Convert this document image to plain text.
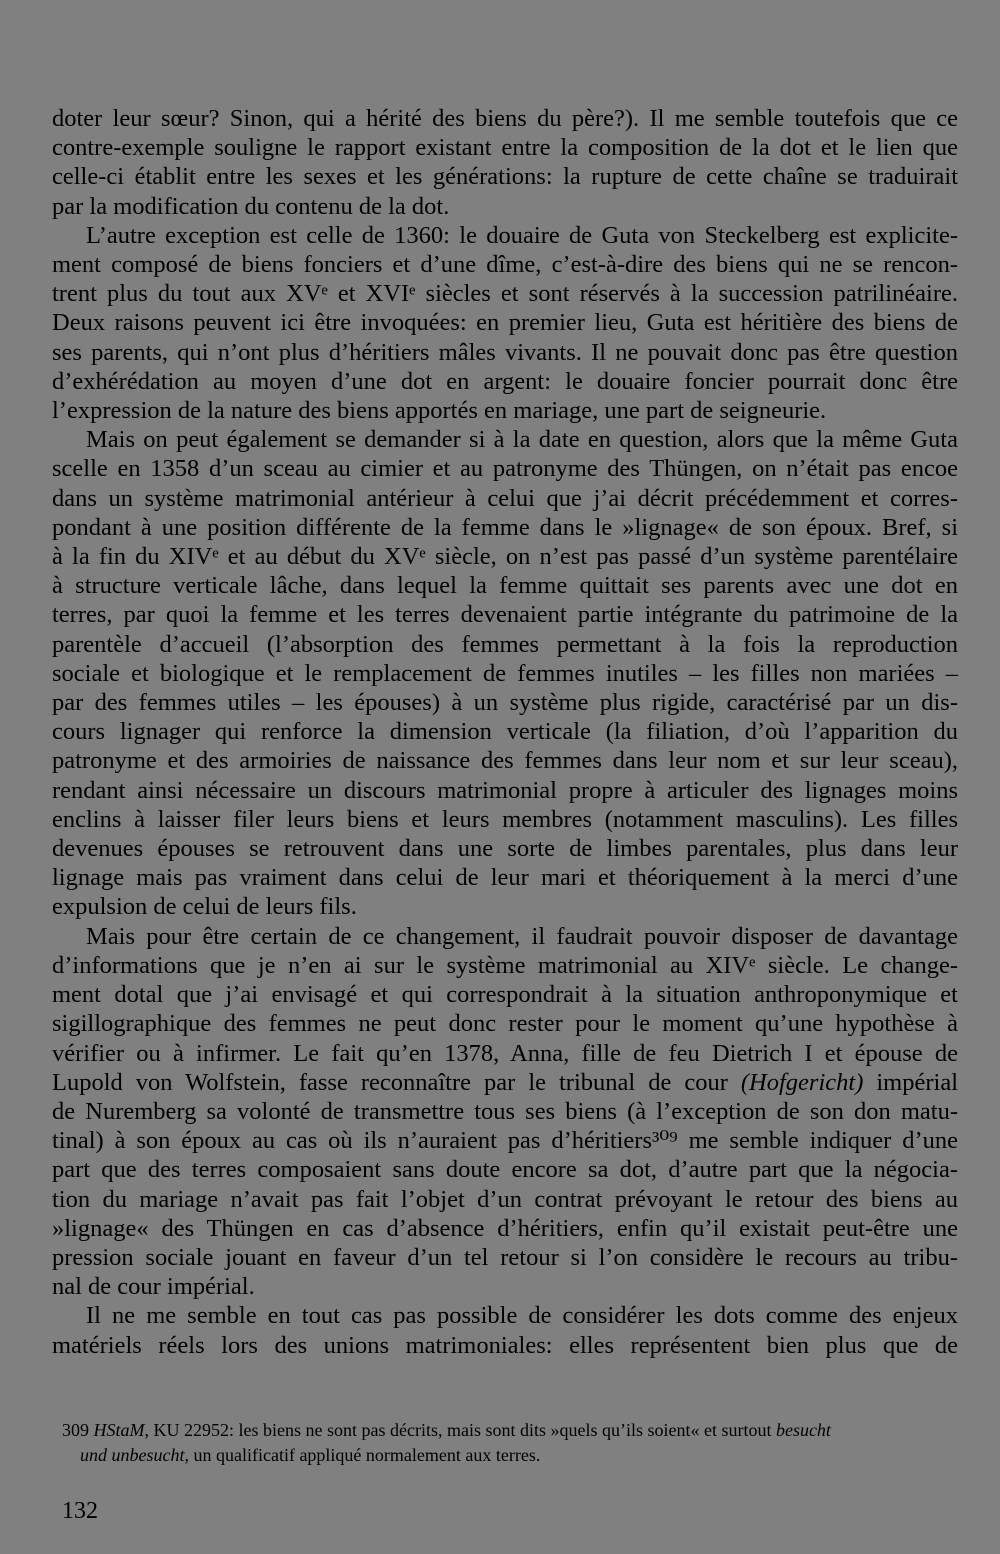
doter leur sœur? Sinon, qui a hérité des biens du père?). Il me semble toutefois que ce
contre-exemple souligne le rapport existant entre la composition de la dot et le lien que
celle-ci établit entre les sexes et les générations: la rupture de cette chaîne se traduirait
par la modification du contenu de la dot.

L’autre exception est celle de 1360: le douaire de Guta von Steckelberg est explicite-
ment composé de biens fonciers et d’une dîme, c’est-à-dire des biens qui ne se rencon-
trent plus du tout aux XVᵉ et XVIᵉ siècles et sont réservés à la succession patrilinéaire.
Deux raisons peuvent ici être invoquées: en premier lieu, Guta est héritière des biens de
ses parents, qui n’ont plus d’héritiers mâles vivants. Il ne pouvait donc pas être question
d’exhérédation au moyen d’une dot en argent: le douaire foncier pourrait donc être
l’expression de la nature des biens apportés en mariage, une part de seigneurie.

Mais on peut également se demander si à la date en question, alors que la même Guta
scelle en 1358 d’un sceau au cimier et au patronyme des Thüngen, on n’était pas encoe
dans un système matrimonial antérieur à celui que j’ai décrit précédemment et corres-
pondant à une position différente de la femme dans le »lignage« de son époux. Bref, si
à la fin du XIVᵉ et au début du XVᵉ siècle, on n’est pas passé d’un système parentélaire
à structure verticale lâche, dans lequel la femme quittait ses parents avec une dot en
terres, par quoi la femme et les terres devenaient partie intégrante du patrimoine de la
parentèle d’accueil (l’absorption des femmes permettant à la fois la reproduction
sociale et biologique et le remplacement de femmes inutiles – les filles non mariées –
par des femmes utiles – les épouses) à un système plus rigide, caractérisé par un dis-
cours lignager qui renforce la dimension verticale (la filiation, d’où l’apparition du
patronyme et des armoiries de naissance des femmes dans leur nom et sur leur sceau),
rendant ainsi nécessaire un discours matrimonial propre à articuler des lignages moins
enclins à laisser filer leurs biens et leurs membres (notamment masculins). Les filles
devenues épouses se retrouvent dans une sorte de limbes parentales, plus dans leur
lignage mais pas vraiment dans celui de leur mari et théoriquement à la merci d’une
expulsion de celui de leurs fils.

Mais pour être certain de ce changement, il faudrait pouvoir disposer de davantage
d’informations que je n’en ai sur le système matrimonial au XIVᵉ siècle. Le change-
ment dotal que j’ai envisagé et qui correspondrait à la situation anthroponymique et
sigillographique des femmes ne peut donc rester pour le moment qu’une hypothèse à
vérifier ou à infirmer. Le fait qu’en 1378, Anna, fille de feu Dietrich I et épouse de
Lupold von Wolfstein, fasse reconnaître par le tribunal de cour (Hofgericht) impérial
de Nuremberg sa volonté de transmettre tous ses biens (à l’exception de son don matu-
tinal) à son époux au cas où ils n’auraient pas d’héritiers³⁰⁹ me semble indiquer d’une
part que des terres composaient sans doute encore sa dot, d’autre part que la négocia-
tion du mariage n’avait pas fait l’objet d’un contrat prévoyant le retour des biens au
»lignage« des Thüngen en cas d’absence d’héritiers, enfin qu’il existait peut-être une
pression sociale jouant en faveur d’un tel retour si l’on considère le recours au tribu-
nal de cour impérial.

Il ne me semble en tout cas pas possible de considérer les dots comme des enjeux
matériels réels lors des unions matrimoniales: elles représentent bien plus que de

309 HStaM, KU 22952: les biens ne sont pas décrits, mais sont dits »quels qu’ils soient« et surtout besucht
und unbesucht, un qualificatif appliqué normalement aux terres.
132
